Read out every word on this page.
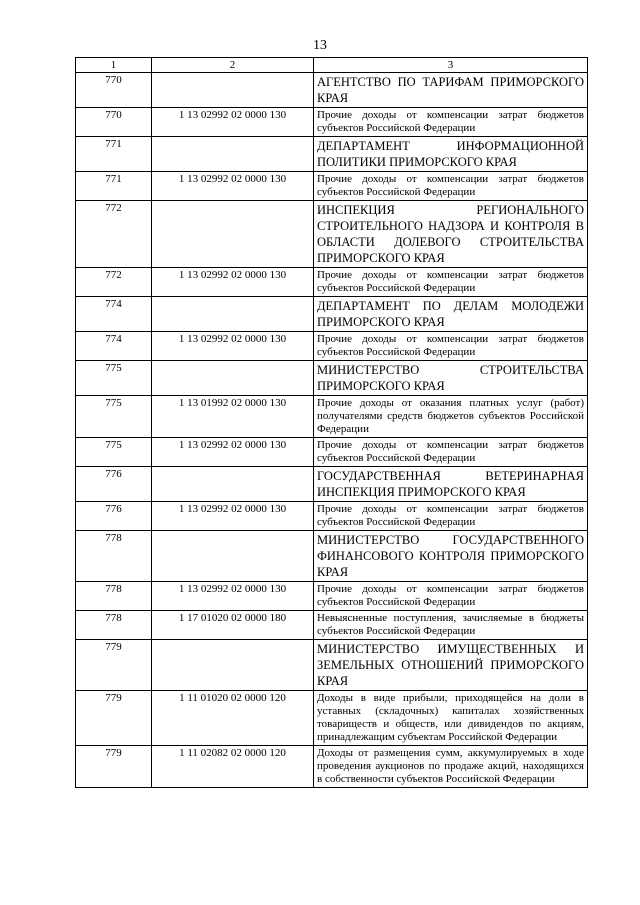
13
1	2	3
770		АГЕНТСТВО ПО ТАРИФАМ ПРИМОРСКОГО КРАЯ

770	1 13 02992 02 0000 130	Прочие доходы от компенсации затрат бюджетов субъектов Российской Федерации

771		ДЕПАРТАМЕНТ ИНФОРМАЦИОННОЙ ПОЛИТИКИ ПРИМОРСКОГО КРАЯ

771	1 13 02992 02 0000 130	Прочие доходы от компенсации затрат бюджетов субъектов Российской Федерации

772		ИНСПЕКЦИЯ РЕГИОНАЛЬНОГО СТРОИТЕЛЬНОГО НАДЗОРА И КОНТРОЛЯ В ОБЛАСТИ ДОЛЕВОГО СТРОИТЕЛЬСТВА ПРИМОРСКОГО КРАЯ

772	1 13 02992 02 0000 130	Прочие доходы от компенсации затрат бюджетов субъектов Российской Федерации

774		ДЕПАРТАМЕНТ ПО ДЕЛАМ МОЛОДЕЖИ ПРИМОРСКОГО КРАЯ

774	1 13 02992 02 0000 130	Прочие доходы от компенсации затрат бюджетов субъектов Российской Федерации

775		МИНИСТЕРСТВО СТРОИТЕЛЬСТВА ПРИМОРСКОГО КРАЯ

775	1 13 01992 02 0000 130	Прочие доходы от оказания платных услуг (работ) получателями средств бюджетов субъектов Российской Федерации

775	1 13 02992 02 0000 130	Прочие доходы от компенсации затрат бюджетов субъектов Российской Федерации

776		ГОСУДАРСТВЕННАЯ ВЕТЕРИНАРНАЯ ИНСПЕКЦИЯ ПРИМОРСКОГО КРАЯ

776	1 13 02992 02 0000 130	Прочие доходы от компенсации затрат бюджетов субъектов Российской Федерации

778		МИНИСТЕРСТВО ГОСУДАРСТВЕННОГО ФИНАНСОВОГО КОНТРОЛЯ ПРИМОРСКОГО КРАЯ

778	1 13 02992 02 0000 130	Прочие доходы от компенсации затрат бюджетов субъектов Российской Федерации

778	1 17 01020 02 0000 180	Невыясненные поступления, зачисляемые в бюджеты субъектов Российской Федерации

779		МИНИСТЕРСТВО ИМУЩЕСТВЕННЫХ И ЗЕМЕЛЬНЫХ ОТНОШЕНИЙ ПРИМОРСКОГО КРАЯ

779	1 11 01020 02 0000 120	Доходы в виде прибыли, приходящейся на доли в уставных (складочных) капиталах хозяйственных товариществ и обществ, или дивидендов по акциям, принадлежащим субъектам Российской Федерации

779	1 11 02082 02 0000 120	Доходы от размещения сумм, аккумулируемых в ходе проведения аукционов по продаже акций, находящихся в собственности субъектов Российской Федерации
